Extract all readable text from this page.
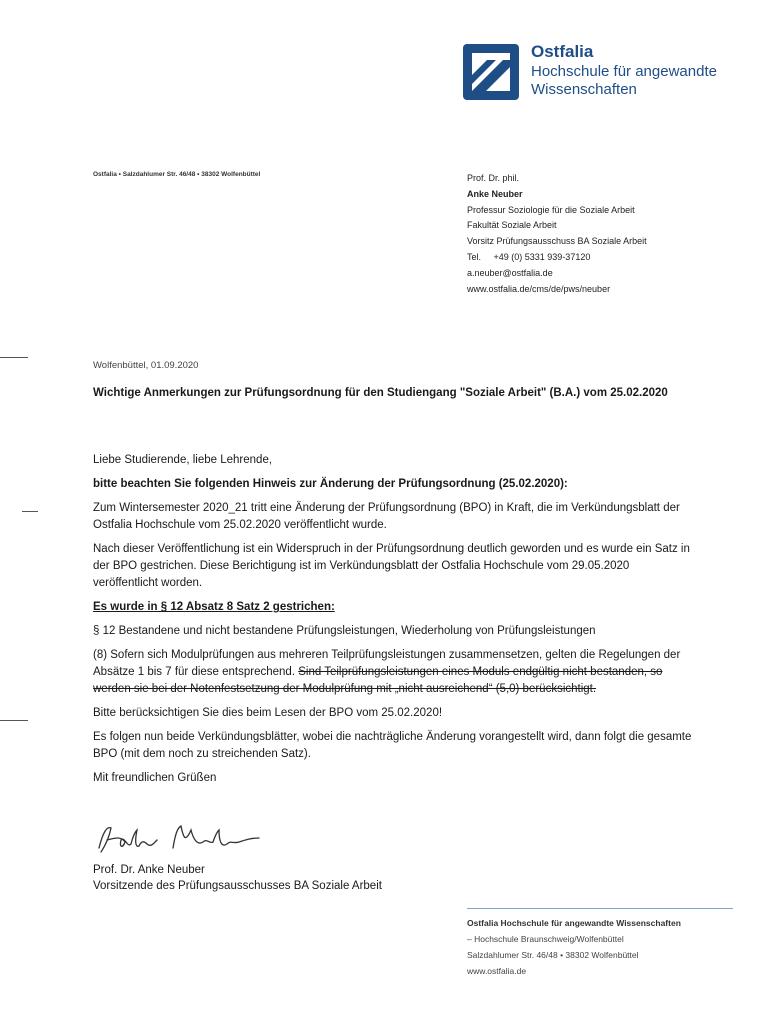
Ostfalia
Hochschule für angewandte
Wissenschaften
Ostfalia • Salzdahlumer Str. 46/48 • 38302 Wolfenbüttel	Prof. Dr. phil.
Anke Neuber
Professur Soziologie für die Soziale Arbeit
Fakultät Soziale Arbeit
Vorsitz Prüfungsausschuss BA Soziale Arbeit
Tel.     +49 (0) 5331 939-37120
a.neuber@ostfalia.de
www.ostfalia.de/cms/de/pws/neuber
Wolfenbüttel, 01.09.2020
Wichtige Anmerkungen zur Prüfungsordnung für den Studiengang "Soziale Arbeit" (B.A.) vom 25.02.2020

Liebe Studierende, liebe Lehrende,

bitte beachten Sie folgenden Hinweis zur Änderung der Prüfungsordnung (25.02.2020):

Zum Wintersemester 2020_21 tritt eine Änderung der Prüfungsordnung (BPO) in Kraft, die im Verkündungsblatt der Ostfalia Hochschule vom 25.02.2020 veröffentlicht wurde.

Nach dieser Veröffentlichung ist ein Widerspruch in der Prüfungsordnung deutlich geworden und es wurde ein Satz in der BPO gestrichen. Diese Berichtigung ist im Verkündungsblatt der Ostfalia Hochschule vom 29.05.2020 veröffentlicht worden.

Es wurde in § 12 Absatz 8 Satz 2 gestrichen:

§ 12 Bestandene und nicht bestandene Prüfungsleistungen, Wiederholung von Prüfungsleistungen

(8) Sofern sich Modulprüfungen aus mehreren Teilprüfungsleistungen zusammensetzen, gelten die Regelungen der Absätze 1 bis 7 für diese entsprechend. Sind Teilprüfungsleistungen eines Moduls endgültig nicht bestanden, so werden sie bei der Notenfestsetzung der Modulprüfung mit „nicht ausreichend“ (5,0) berücksichtigt.

Bitte berücksichtigen Sie dies beim Lesen der BPO vom 25.02.2020!

Es folgen nun beide Verkündungsblätter, wobei die nachträgliche Änderung vorangestellt wird, dann folgt die gesamte BPO (mit dem noch zu streichenden Satz).

Mit freundlichen Grüßen

Prof. Dr. Anke Neuber
Vorsitzende des Prüfungsausschusses BA Soziale Arbeit
Ostfalia Hochschule für angewandte Wissenschaften
– Hochschule Braunschweig/Wolfenbüttel
Salzdahlumer Str. 46/48 • 38302 Wolfenbüttel
www.ostfalia.de
